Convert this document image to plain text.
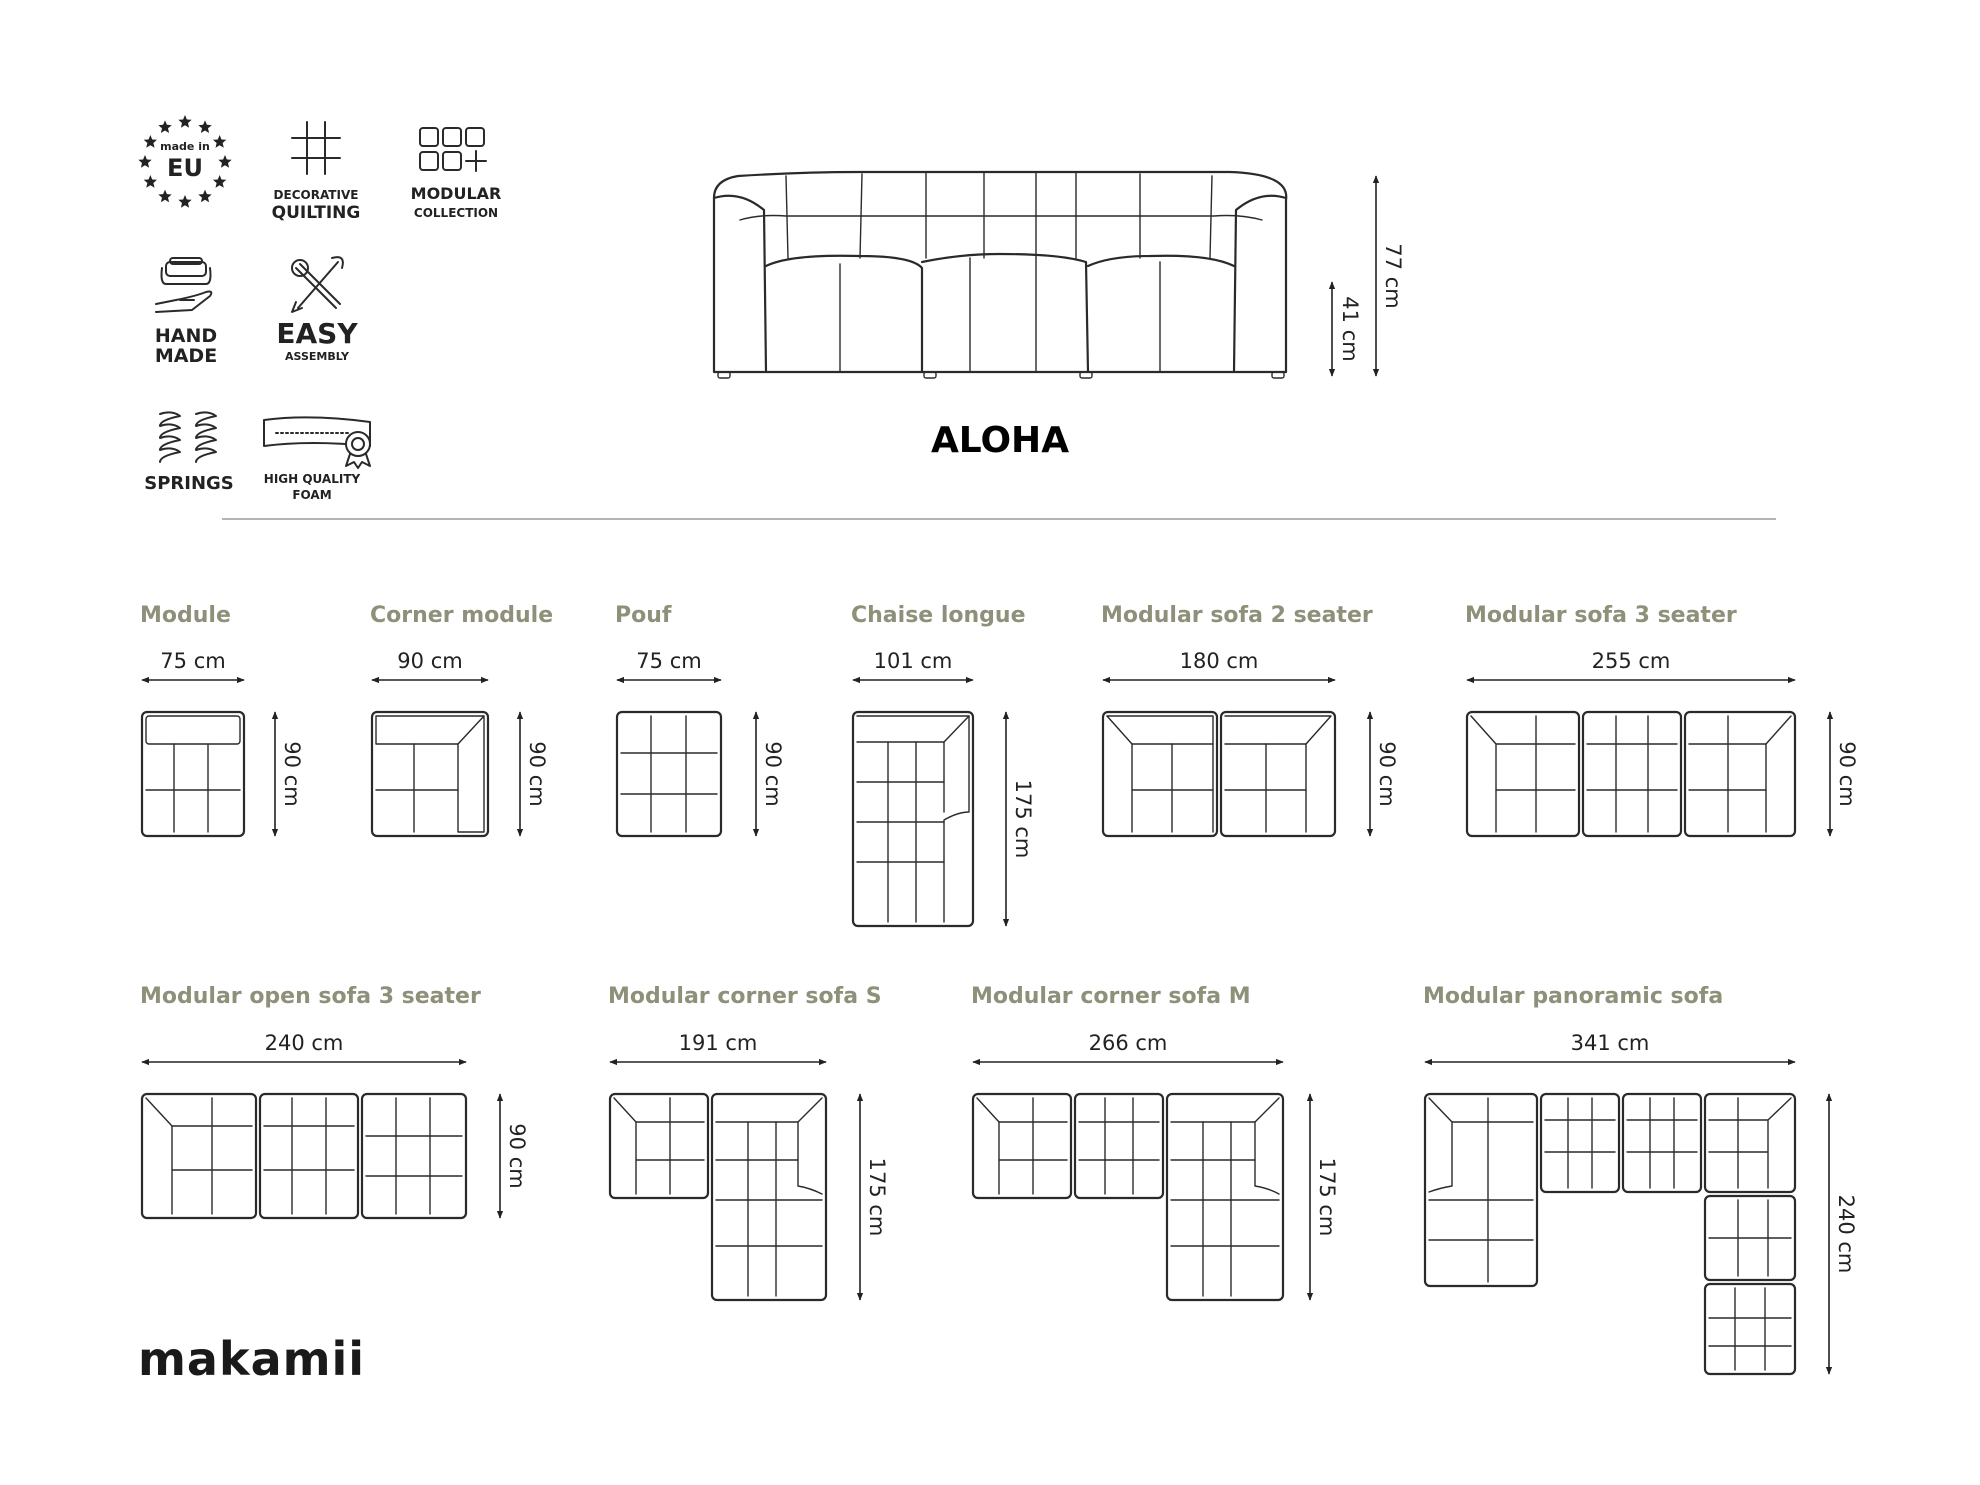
made in
EU
DECORATIVE
QUILTING
MODULAR
COLLECTION
HAND
MADE
EASY
ASSEMBLY
SPRINGS	HIGH QUALITY
FOAM
77 cm
41 cm
ALOHA
Module
75 cm
90 cm
Corner module
90 cm
90 cm
Pouf
75 cm
90 cm
Chaise longue
101 cm
175 cm
Modular sofa 2 seater
180 cm
90 cm
Modular sofa 3 seater
255 cm
90 cm
Modular open sofa 3 seater
240 cm
90 cm
Modular corner sofa S
191 cm
175 cm
Modular corner sofa M
266 cm
175 cm
Modular panoramic sofa
341 cm
240 cm
makamii
